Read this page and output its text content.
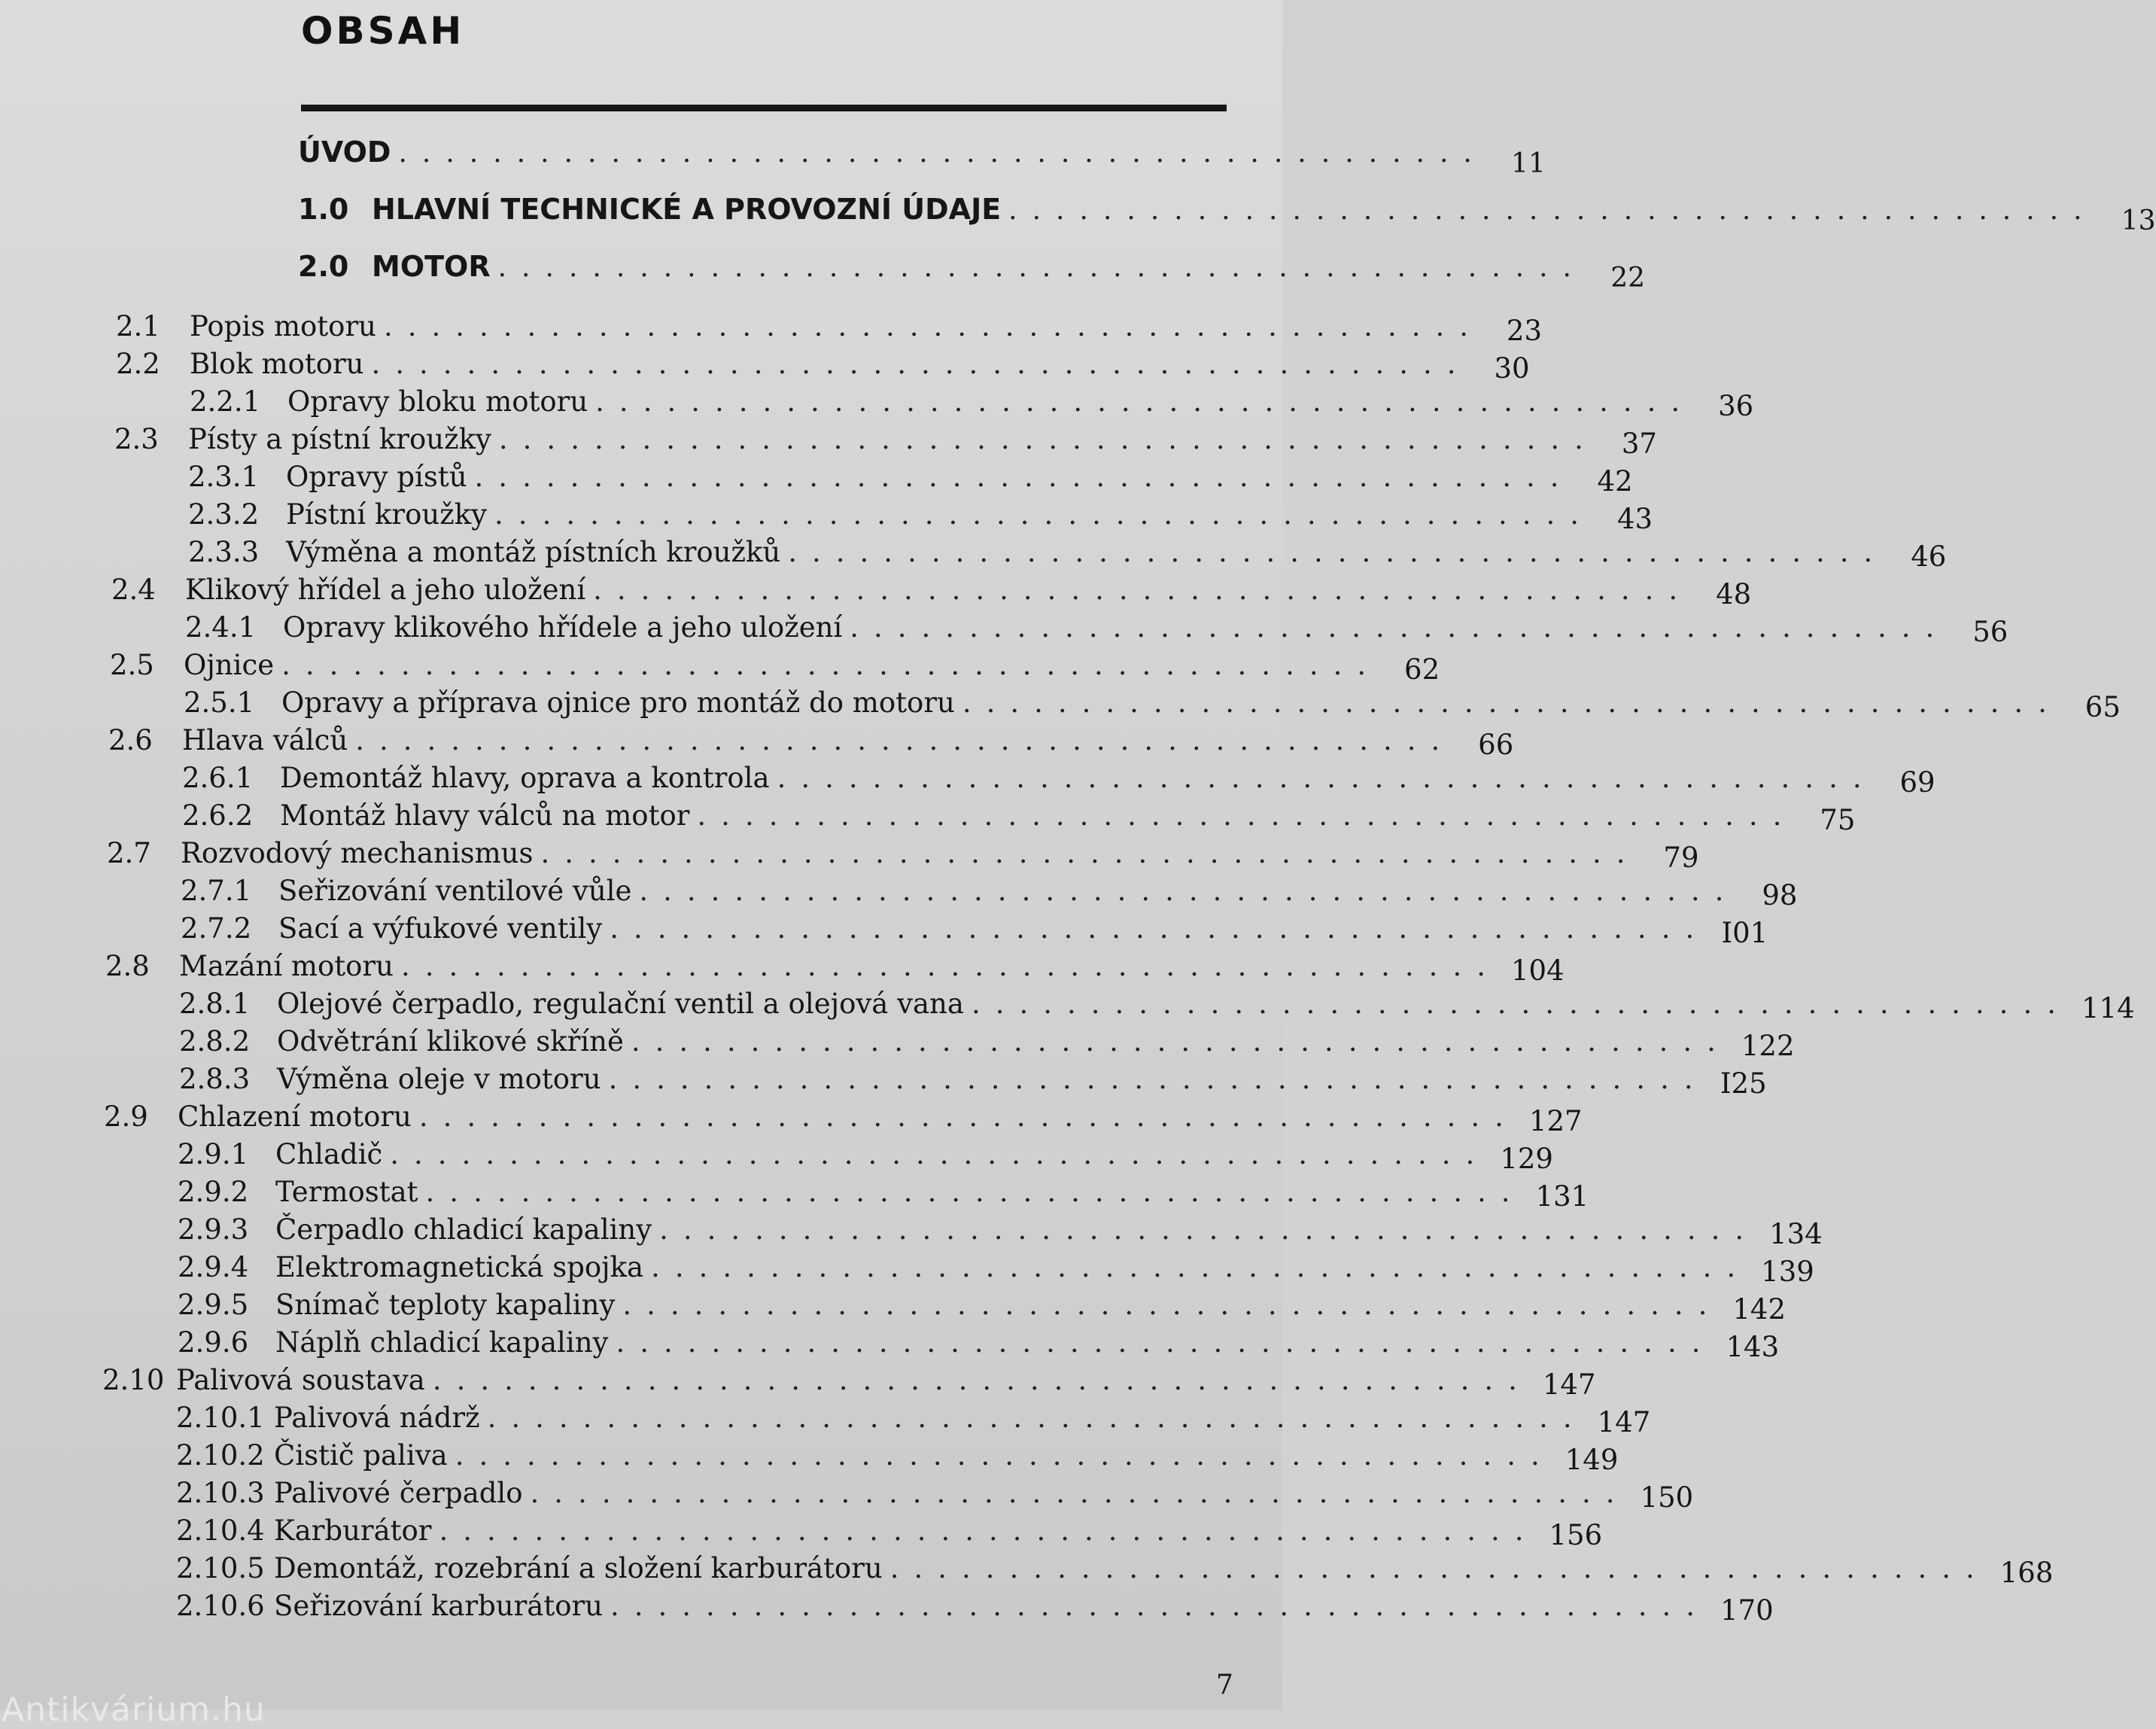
OBSAH
ÚVOD .............................................. 11
1.0 HLAVNÍ TECHNICKÉ A PROVOZNÍ ÚDAJE .............................................. 13
2.0 MOTOR .............................................. 22
2.1	Popis motoru .............................................. 23
2.2	Blok motoru .............................................. 30
2.2.1 Opravy bloku motoru .............................................. 36
2.3	Písty a pístní kroužky .............................................. 37
2.3.1 Opravy pístů .............................................. 42
2.3.2 Pístní kroužky .............................................. 43
2.3.3 Výměna a montáž pístních kroužků .............................................. 46
2.4	Klikový hřídel a jeho uložení .............................................. 48
2.4.1 Opravy klikového hřídele a jeho uložení .............................................. 56
2.5	Ojnice .............................................. 62
2.5.1 Opravy a příprava ojnice pro montáž do motoru .............................................. 65
2.6	Hlava válců .............................................. 66
2.6.1 Demontáž hlavy, oprava a kontrola .............................................. 69
2.6.2 Montáž hlavy válců na motor .............................................. 75
2.7	Rozvodový mechanismus .............................................. 79
2.7.1 Seřizování ventilové vůle .............................................. 98
2.7.2 Sací a výfukové ventily .............................................. I01
2.8	Mazání motoru .............................................. 104
2.8.1 Olejové čerpadlo, regulační ventil a olejová vana .............................................. 114
2.8.2 Odvětrání klikové skříně .............................................. 122
2.8.3 Výměna oleje v motoru .............................................. I25
2.9	Chlazení motoru .............................................. 127
2.9.1 Chladič .............................................. 129
2.9.2 Termostat .............................................. 131
2.9.3 Čerpadlo chladicí kapaliny .............................................. 134
2.9.4 Elektromagnetická spojka .............................................. 139
2.9.5 Snímač teploty kapaliny .............................................. 142
2.9.6 Náplň chladicí kapaliny .............................................. 143
2.10 Palivová soustava .............................................. 147
2.10.1 Palivová nádrž .............................................. 147
2.10.2 Čistič paliva .............................................. 149
2.10.3 Palivové čerpadlo .............................................. 150
2.10.4 Karburátor .............................................. 156
2.10.5 Demontáž, rozebrání a složení karburátoru .............................................. 168
2.10.6 Seřizování karburátoru .............................................. 170
7
Antikvárium.hu
